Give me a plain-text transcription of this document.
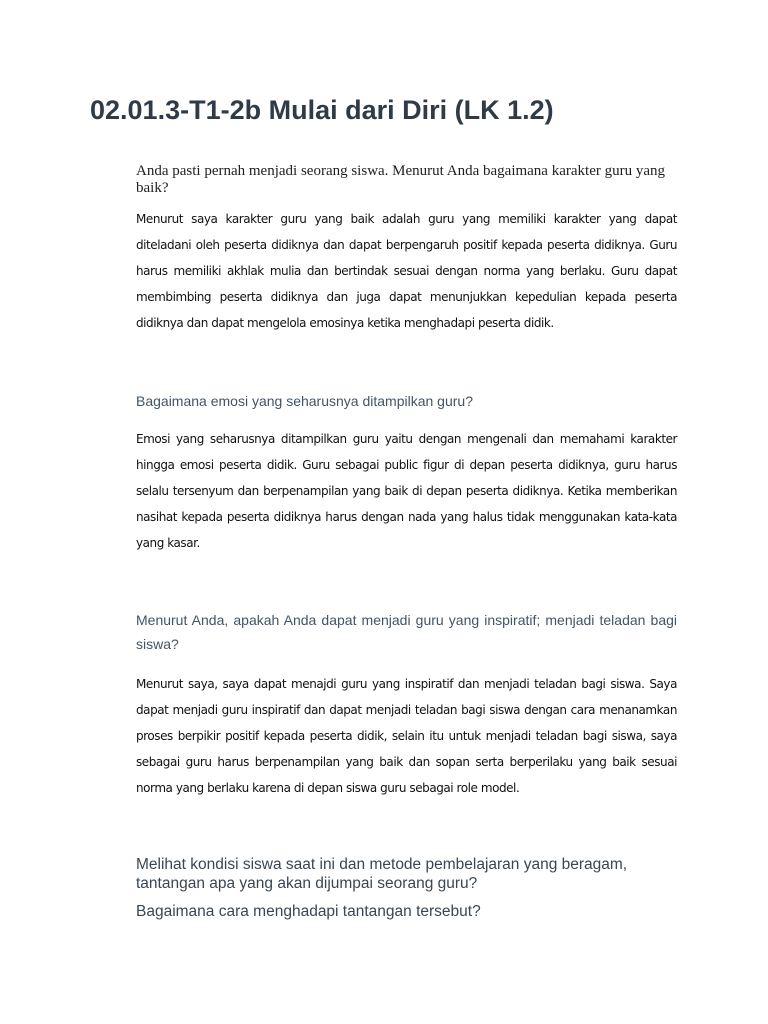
02.01.3-T1-2b Mulai dari Diri (LK 1.2)

Anda pasti pernah menjadi seorang siswa. Menurut Anda bagaimana karakter guru yang baik?

Menurut saya karakter guru yang baik adalah guru yang memiliki karakter yang dapat diteladani oleh peserta didiknya dan dapat berpengaruh positif kepada peserta didiknya. Guru harus memiliki akhlak mulia dan bertindak sesuai dengan norma yang berlaku. Guru dapat membimbing peserta didiknya dan juga dapat menunjukkan kepedulian kepada peserta didiknya dan dapat mengelola emosinya ketika menghadapi peserta didik.

Bagaimana emosi yang seharusnya ditampilkan guru?

Emosi yang seharusnya ditampilkan guru yaitu dengan mengenali dan memahami karakter hingga emosi peserta didik. Guru sebagai public figur di depan peserta didiknya, guru harus selalu tersenyum dan berpenampilan yang baik di depan peserta didiknya. Ketika memberikan nasihat kepada peserta didiknya harus dengan nada yang halus tidak menggunakan kata-kata yang kasar.

Menurut Anda, apakah Anda dapat menjadi guru yang inspiratif; menjadi teladan bagi siswa?

Menurut saya, saya dapat menajdi guru yang inspiratif dan menjadi teladan bagi siswa. Saya dapat menjadi guru inspiratif dan dapat menjadi teladan bagi siswa dengan cara menanamkan proses berpikir positif kepada peserta didik, selain itu untuk menjadi teladan bagi siswa, saya sebagai guru harus berpenampilan yang baik dan sopan serta berperilaku yang baik sesuai norma yang berlaku karena di depan siswa guru sebagai role model.

Melihat kondisi siswa saat ini dan metode pembelajaran yang beragam, tantangan apa yang akan dijumpai seorang guru?

Bagaimana cara menghadapi tantangan tersebut?
